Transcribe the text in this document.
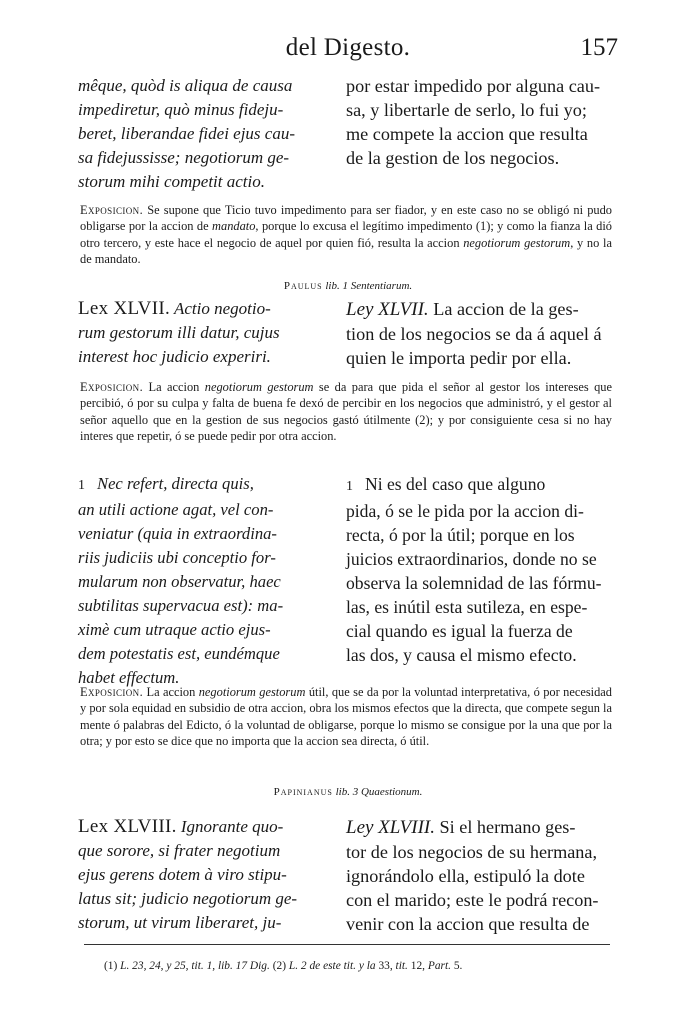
del Digesto.	157
mêque, quòd is aliqua de causa
impediretur, quò minus fideju-
beret, liberandae fidei ejus cau-
sa fidejussisse; negotiorum ge-
storum mihi competit actio.
por estar impedido por alguna cau-
sa, y libertarle de serlo, lo fui yo;
me compete la accion que resulta
de la gestion de los negocios.
Exposicion. Se supone que Ticio tuvo impedimento para ser fiador, y en este caso no se obligó ni pudo obligarse por la accion de mandato, porque lo excusa el legítimo impedimento (1); y como la fianza la dió otro tercero, y este hace el negocio de aquel por quien fió, resulta la accion negotiorum gestorum, y no la de mandato.
Paulus lib. 1 Sententiarum.
Lex XLVII. Actio negotio-
rum gestorum illi datur, cujus
interest hoc judicio experiri.
Ley XLVII. La accion de la ges-
tion de los negocios se da á aquel á
quien le importa pedir por ella.
Exposicion. La accion negotiorum gestorum se da para que pida el señor al gestor los intereses que percibió, ó por su culpa y falta de buena fe dexó de percibir en los negocios que administró, y el gestor al señor aquello que en la gestion de sus negocios gastó útilmente (2); y por consiguiente cesa si no hay interes que repetir, ó se puede pedir por otra accion.
1 Nec refert, directa quis,
an utili actione agat, vel con-
veniatur (quia in extraordina-
riis judiciis ubi conceptio for-
mularum non observatur, haec
subtilitas supervacua est): ma-
ximè cum utraque actio ejus-
dem potestatis est, eundémque
habet effectum.
1 Ni es del caso que alguno
pida, ó se le pida por la accion di-
recta, ó por la útil; porque en los
juicios extraordinarios, donde no se
observa la solemnidad de las fórmu-
las, es inútil esta sutileza, en espe-
cial quando es igual la fuerza de
las dos, y causa el mismo efecto.
Exposicion. La accion negotiorum gestorum útil, que se da por la voluntad interpretativa, ó por necesidad y por sola equidad en subsidio de otra accion, obra los mismos efectos que la directa, que compete segun la mente ó palabras del Edicto, ó la voluntad de obligarse, porque lo mismo se consigue por la una que por la otra; y por esto se dice que no importa que la accion sea directa, ó útil.
Papinianus lib. 3 Quaestionum.
Lex XLVIII. Ignorante quo-
que sorore, si frater negotium
ejus gerens dotem à viro stipu-
latus sit; judicio negotiorum ge-
storum, ut virum liberaret, ju-
Ley XLVIII. Si el hermano ges-
tor de los negocios de su hermana,
ignorándolo ella, estipuló la dote
con el marido; este le podrá recon-
venir con la accion que resulta de
(1) L. 23, 24, y 25, tit. 1, lib. 17 Dig. (2) L. 2 de este tit. y la 33, tit. 12, Part. 5.
